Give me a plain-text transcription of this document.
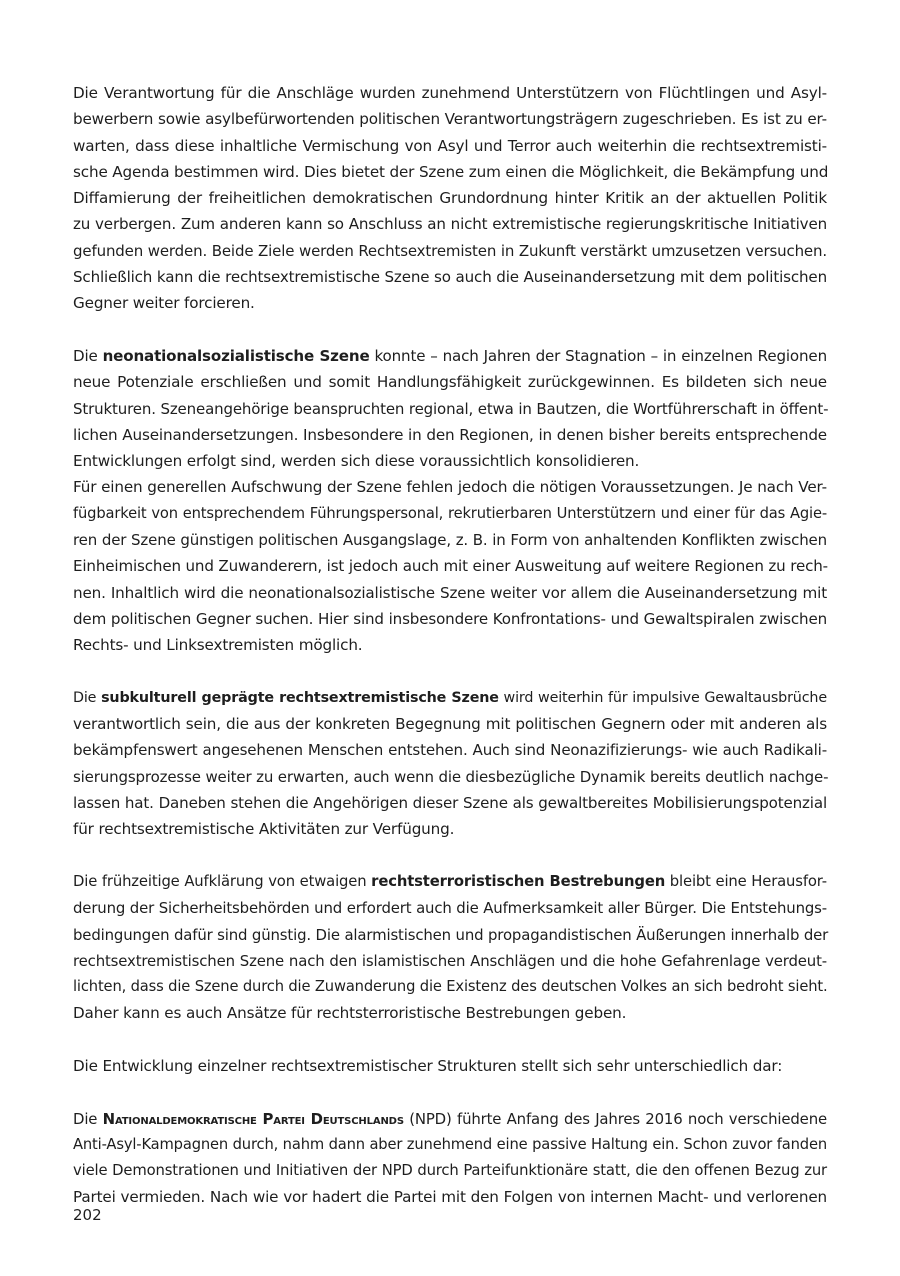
Die Verantwortung für die Anschläge wurden zunehmend Unterstützern von Flüchtlingen und Asyl-
bewerbern sowie asylbefürwortenden politischen Verantwortungsträgern zugeschrieben. Es ist zu er-
warten, dass diese inhaltliche Vermischung von Asyl und Terror auch weiterhin die rechtsextremisti-
sche Agenda bestimmen wird. Dies bietet der Szene zum einen die Möglichkeit, die Bekämpfung und
Diffamierung der freiheitlichen demokratischen Grundordnung hinter Kritik an der aktuellen Politik
zu verbergen. Zum anderen kann so Anschluss an nicht extremistische regierungskritische Initiativen
gefunden werden. Beide Ziele werden Rechtsextremisten in Zukunft verstärkt umzusetzen versuchen.
Schließlich kann die rechtsextremistische Szene so auch die Auseinandersetzung mit dem politischen
Gegner weiter forcieren.
Die neonationalsozialistische Szene konnte – nach Jahren der Stagnation – in einzelnen Regionen
neue Potenziale erschließen und somit Handlungsfähigkeit zurückgewinnen. Es bildeten sich neue
Strukturen. Szeneangehörige beanspruchten regional, etwa in Bautzen, die Wortführerschaft in öffent-
lichen Auseinandersetzungen. Insbesondere in den Regionen, in denen bisher bereits entsprechende
Entwicklungen erfolgt sind, werden sich diese voraussichtlich konsolidieren.
Für einen generellen Aufschwung der Szene fehlen jedoch die nötigen Voraussetzungen. Je nach Ver-
fügbarkeit von entsprechendem Führungspersonal, rekrutierbaren Unterstützern und einer für das Agie-
ren der Szene günstigen politischen Ausgangslage, z. B. in Form von anhaltenden Konflikten zwischen
Einheimischen und Zuwanderern, ist jedoch auch mit einer Ausweitung auf weitere Regionen zu rech-
nen. Inhaltlich wird die neonationalsozialistische Szene weiter vor allem die Auseinandersetzung mit
dem politischen Gegner suchen. Hier sind insbesondere Konfrontations- und Gewaltspiralen zwischen
Rechts- und Linksextremisten möglich.
Die subkulturell geprägte rechtsextremistische Szene wird weiterhin für impulsive Gewaltausbrüche
verantwortlich sein, die aus der konkreten Begegnung mit politischen Gegnern oder mit anderen als
bekämpfenswert angesehenen Menschen entstehen. Auch sind Neonazifizierungs- wie auch Radikali-
sierungsprozesse weiter zu erwarten, auch wenn die diesbezügliche Dynamik bereits deutlich nachge-
lassen hat. Daneben stehen die Angehörigen dieser Szene als gewaltbereites Mobilisierungspotenzial
für rechtsextremistische Aktivitäten zur Verfügung.
Die frühzeitige Aufklärung von etwaigen rechtsterroristischen Bestrebungen bleibt eine Herausfor-
derung der Sicherheitsbehörden und erfordert auch die Aufmerksamkeit aller Bürger. Die Entstehungs-
bedingungen dafür sind günstig. Die alarmistischen und propagandistischen Äußerungen innerhalb der
rechtsextremistischen Szene nach den islamistischen Anschlägen und die hohe Gefahrenlage verdeut-
lichten, dass die Szene durch die Zuwanderung die Existenz des deutschen Volkes an sich bedroht sieht.
Daher kann es auch Ansätze für rechtsterroristische Bestrebungen geben.
Die Entwicklung einzelner rechtsextremistischer Strukturen stellt sich sehr unterschiedlich dar:
Die Nationaldemokratische Partei Deutschlands (NPD) führte Anfang des Jahres 2016 noch verschiedene
Anti-Asyl-Kampagnen durch, nahm dann aber zunehmend eine passive Haltung ein. Schon zuvor fanden
viele Demonstrationen und Initiativen der NPD durch Parteifunktionäre statt, die den offenen Bezug zur
Partei vermieden. Nach wie vor hadert die Partei mit den Folgen von internen Macht- und verlorenen
202
